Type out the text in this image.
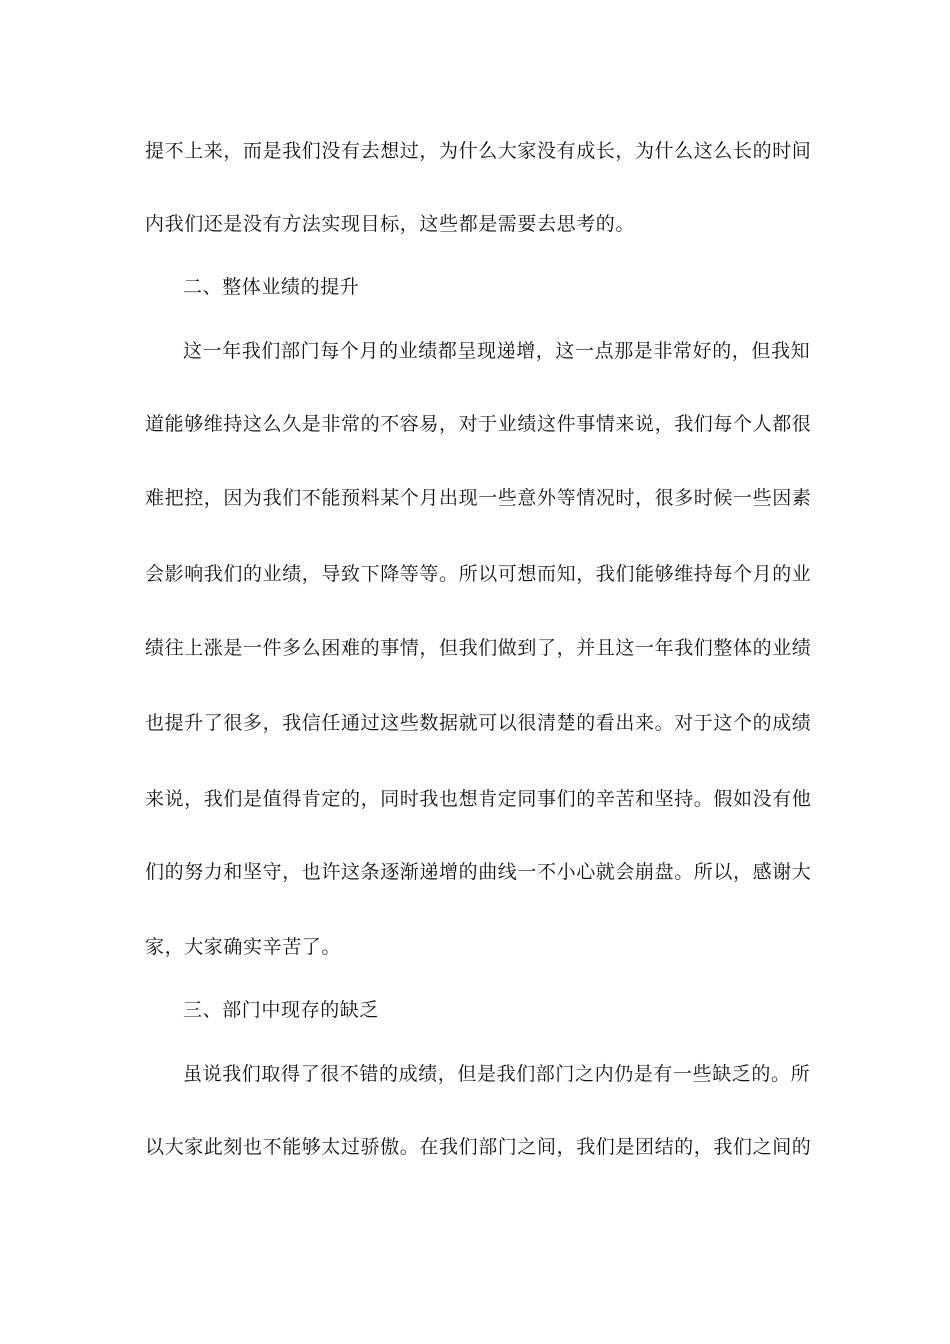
提不上来，而是我们没有去想过，为什么大家没有成长，为什么这么长的时间
内我们还是没有方法实现目标，这些都是需要去思考的。
二、整体业绩的提升
这一年我们部门每个月的业绩都呈现递增，这一点那是非常好的，但我知
道能够维持这么久是非常的不容易，对于业绩这件事情来说，我们每个人都很
难把控，因为我们不能预料某个月出现一些意外等情况时，很多时候一些因素
会影响我们的业绩，导致下降等等。所以可想而知，我们能够维持每个月的业
绩往上涨是一件多么困难的事情，但我们做到了，并且这一年我们整体的业绩
也提升了很多，我信任通过这些数据就可以很清楚的看出来。对于这个的成绩
来说，我们是值得肯定的，同时我也想肯定同事们的辛苦和坚持。假如没有他
们的努力和坚守，也许这条逐渐递增的曲线一不小心就会崩盘。所以，感谢大
家，大家确实辛苦了。
三、部门中现存的缺乏
虽说我们取得了很不错的成绩，但是我们部门之内仍是有一些缺乏的。所
以大家此刻也不能够太过骄傲。在我们部门之间，我们是团结的，我们之间的
